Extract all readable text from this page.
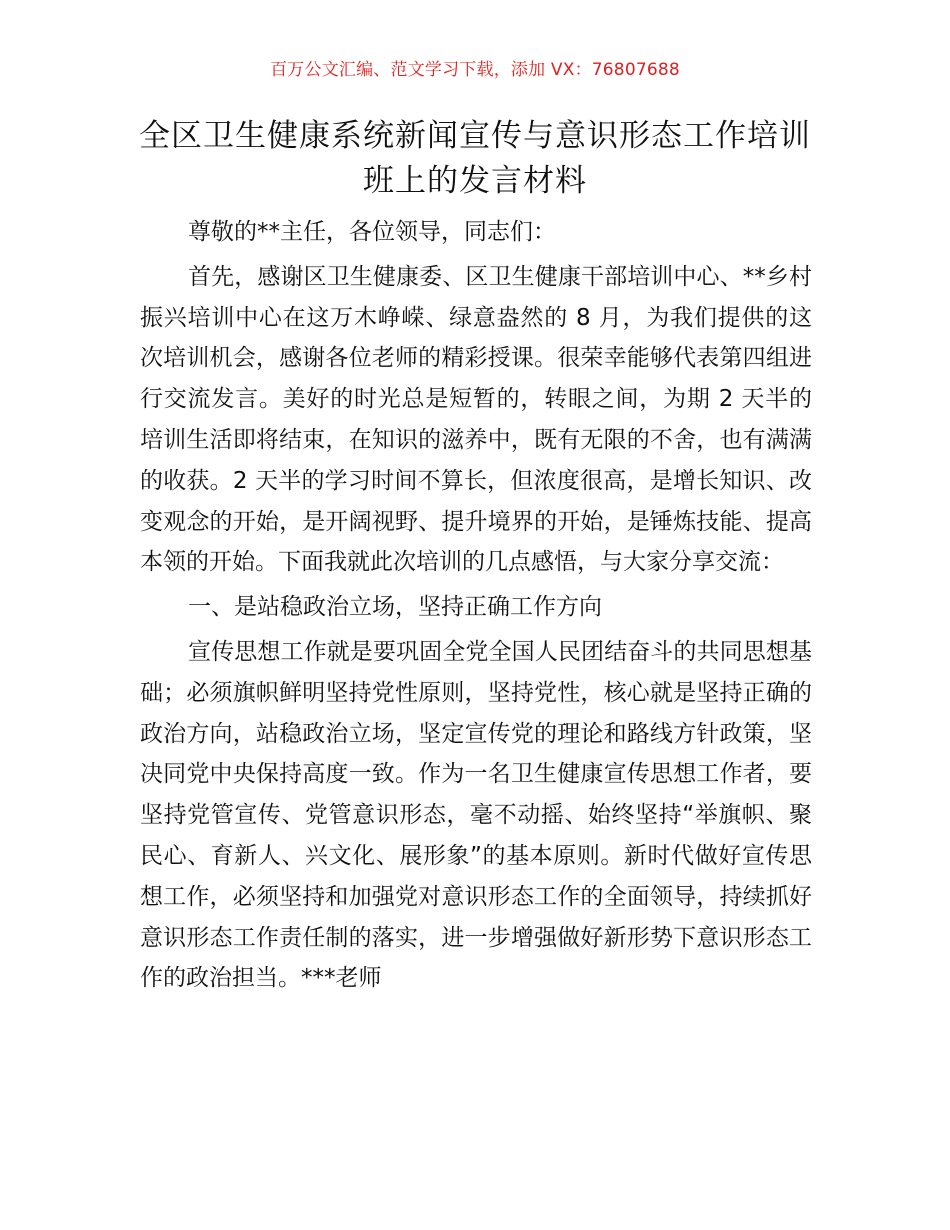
百万公文汇编、范文学习下载，添加 VX：76807688
全区卫生健康系统新闻宣传与意识形态工作培训班上的发言材料

尊敬的**主任，各位领导，同志们：

首先，感谢区卫生健康委、区卫生健康干部培训中心、**乡村振兴培训中心在这万木峥嵘、绿意盎然的 8 月，为我们提供的这次培训机会，感谢各位老师的精彩授课。很荣幸能够代表第四组进行交流发言。美好的时光总是短暂的，转眼之间，为期 2 天半的培训生活即将结束，在知识的滋养中，既有无限的不舍，也有满满的收获。2 天半的学习时间不算长，但浓度很高，是增长知识、改变观念的开始，是开阔视野、提升境界的开始，是锤炼技能、提高本领的开始。下面我就此次培训的几点感悟，与大家分享交流：

一、是站稳政治立场，坚持正确工作方向

宣传思想工作就是要巩固全党全国人民团结奋斗的共同思想基础；必须旗帜鲜明坚持党性原则，坚持党性，核心就是坚持正确的政治方向，站稳政治立场，坚定宣传党的理论和路线方针政策，坚决同党中央保持高度一致。作为一名卫生健康宣传思想工作者，要坚持党管宣传、党管意识形态，毫不动摇、始终坚持“举旗帜、聚民心、育新人、兴文化、展形象”的基本原则。新时代做好宣传思想工作，必须坚持和加强党对意识形态工作的全面领导，持续抓好意识形态工作责任制的落实，进一步增强做好新形势下意识形态工作的政治担当。***老师
